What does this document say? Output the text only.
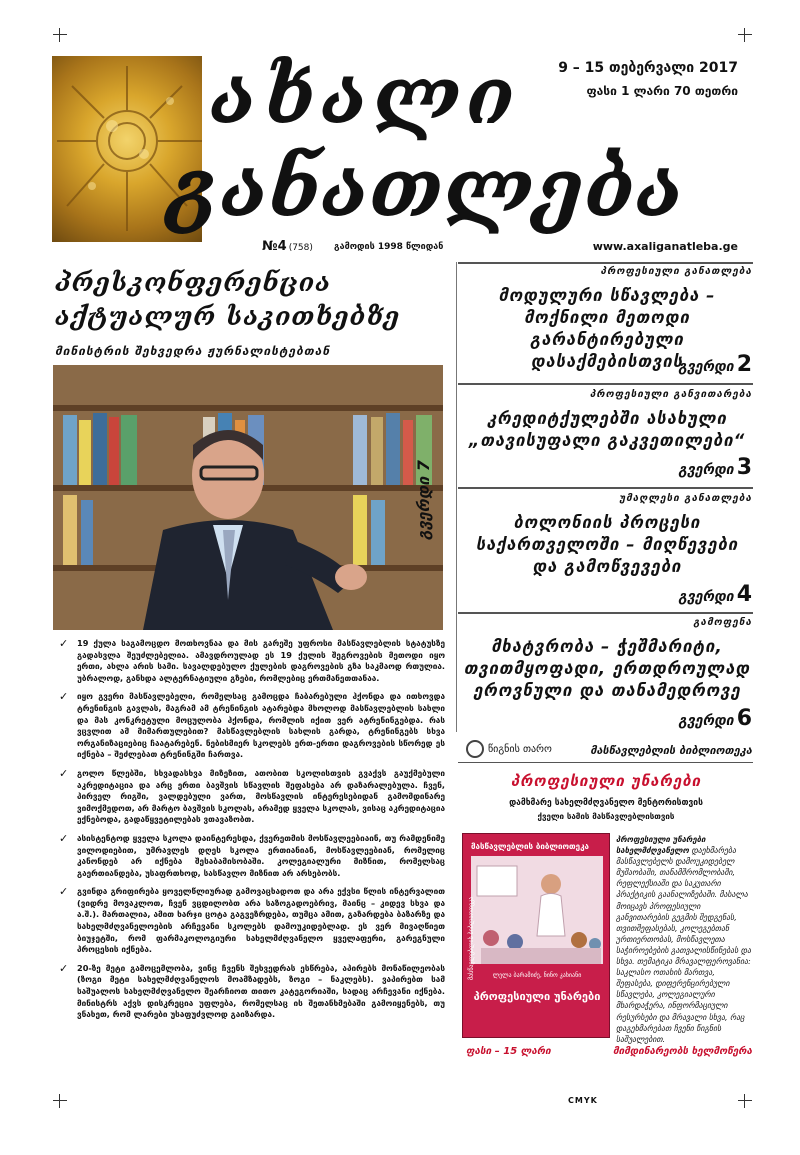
ახალი
განათლება
9 – 15 თებერვალი 2017
ფასი 1 ლარი 70 თეთრი
№4 (758) გამოდის 1998 წლიდან	www.axaliganatleba.ge
პრესკონფერენცია აქტუალურ საკითხებზე
მინისტრის შეხვედრა ჟურნალისტებთან
გვერდი 7

✓ 19 ქულა საგამოცდო მოთხოვნაა და მის გარეშე უფროსი მასწავლებლის სტატუსზე გადასვლა შეუძლებელია. ამავდროულად ეს 19 ქულის შეგროვების მეთოდი იყო ერთი, ახლა არის სამი. სავალდებულო ქულების დაგროვების გზა საკმაოდ რთულია. უბრალოდ, განხდა ალტერნატიული გზები, რომლებიც ერთმანეთთანაა.

✓ იყო გვერი მასწავლებელი, რომელსაც გამოცდა ჩაბარებული ჰქონდა და ითხოვდა ტრენინგის გავლას, მაგრამ ამ ტრენინგის ატარებდა მხოლოდ მასწავლებლის სახლი და მას კონკრეტული მოცულობა ჰქონდა, რომლის იქით ვერ ატრენინგებდა. რას ვცვლით ამ მიმართულებით? მასწავლებლის სახლის გარდა, ტრენინგებს სხვა ორგანიზაციებიც ჩაატარებენ. ნებისმიერ სკოლებს ერთ-ერთი დაგროვების სწორედ ეს იქნება – შეძლებათ ტრენინგში ჩართვა.

✓ გოლო წლებში, სხვადასხვა მიზეზით, ათობით სკოლისთვის გვაქვს გაუქმებული აკრედიტაცია და არც ერთი ბავშვის სწავლის შეფასება არ დაზარალებულა. ჩვენ, პირველ რიგში, ვალდებული ვართ, მოსწავლის ინტერესებიდან გამომდინარე ვიმოქმედოთ, არ მარტო ბავშვის სკოლას, არამედ ყველა სკოლას, ვისაც აკრედიტაცია ექნებოდა, გადაწყვეტილებას ვთავაზობთ.

✓ ასისტენტოდ ყველა სკოლა დაინტერესდა, ქვერეთმის მოსწავლეებიაინ, თუ რამდენიმე ვილოდიებით, უმრავლეს დღეს სკოლა ერთიანიან, მოსწავლეებიან, რომელიც კანონდებ არ იქნება შესაბამისობაში. კოლეგიალური მიზნით, რომელსაც გაერთიანდება, უსაფრთხოდ, სასწავლო მიზნით არ არსებობს.

✓ გვინდა გრიფირება ყოველწლიურად გამოვაცხადოთ და არა ექვსი წლის ინტერვალით (ვიდრე მოვაკლოთ, ჩვენ ვცდილობთ არა საზოგადოებრივ, მაინც – კიდევ სხვა და ა.შ.). მართალია, ამით ხარჯი ცოტა გაგვეზრდება, თუმცა ამით, გაზარდება ბაზარზე და სახელმძღვანელოების არჩევანი სკოლებს დამოუკიდებლად. ეს ვერ მივაღწიეთ ბიუჯეტში, რომ ფარმაკოლოგიური სახელმძღვანელო ყველაფერი, გარეგნული პროცესის იქნება.

✓ 20-ზე მეტი გამოცემლობა, ვინც ჩვენს შეხვედრას ესწრება, აპირებს მონაწილეობას (ზოგი მეტი სახელმძღვანელოს მოამზადებს, ზოგი – ნაკლებს). ვაპირებთ სამ საშუალოს სახელმძღვანელო შეარჩიოთ თითო კატეგორიაში, სადაც არჩევანი იქნება. მინისტრს აქვს დისკრეცია უფლება, რომელსაც ის შეთანხმებაში გამოიყენებს, თუ ვნახეთ, რომ ლარები უსაფუძვლოდ გაიზარდა.

პროფესიული განათლება
მოდულური სწავლება – მოქნილი მეთოდი გარანტირებული დასაქმებისთვის
გვერდი 2
პროფესიული განვითარება
კრედიტქულებში ასახული „თავისუფალი გაკვეთილები“
გვერდი 3
უმაღლესი განათლება
ბოლონიის პროცესი საქართველოში – მიღწევები და გამოწვევები
გვერდი 4
გამოფენა
მხატვრობა – ჭეშმარიტი, თვითმყოფადი, ერთდროულად ეროვნული და თანამედროვე
გვერდი 6
წიგნის თარო	მასწავლებლის ბიბლიოთეკა
პროფესიული უნარები
დამხმარე სახელმძღვანელო მენტორისთვის
ქველი სამის მასწავლებლისთვის
მასწავლებლის ბიბლიოთეკა
ლელა ბარამიძე, ნინო კახიანი
პროფესიული უნარები
მასწავლებლის ბიბლიოთეკა
პროფესიული უნარები სახელმძღვანელო დაეხმარება მასწავლებელს დამოუკიდებელ მუშაობაში, თანამშრომლობაში, რეფლექსიაში და საკუთარი პრაქტიკის გაანალიზებაში. მასალა მოიცავს პროფესიული განვითარების გეგმის შედგენას, თვითშეფასებას, კოლეგებთან ურთიერთობას, მოსწავლეთა საჭიროებების გათვალისწინებას და სხვა. თემატიკა მრავალფეროვანია: საკლასო ოთახის მართვა, შეფასება, დიფერენცირებული სწავლება, კოლეგიალური მხარდაჭერა, ინფორმაციული რესურსები და მრავალი სხვა, რაც დაგეხმარებათ ჩვენი წიგნის საშუალებით.
ფასი – 15 ლარი	მიმდინარეობს ხელმოწერა
CMYK
